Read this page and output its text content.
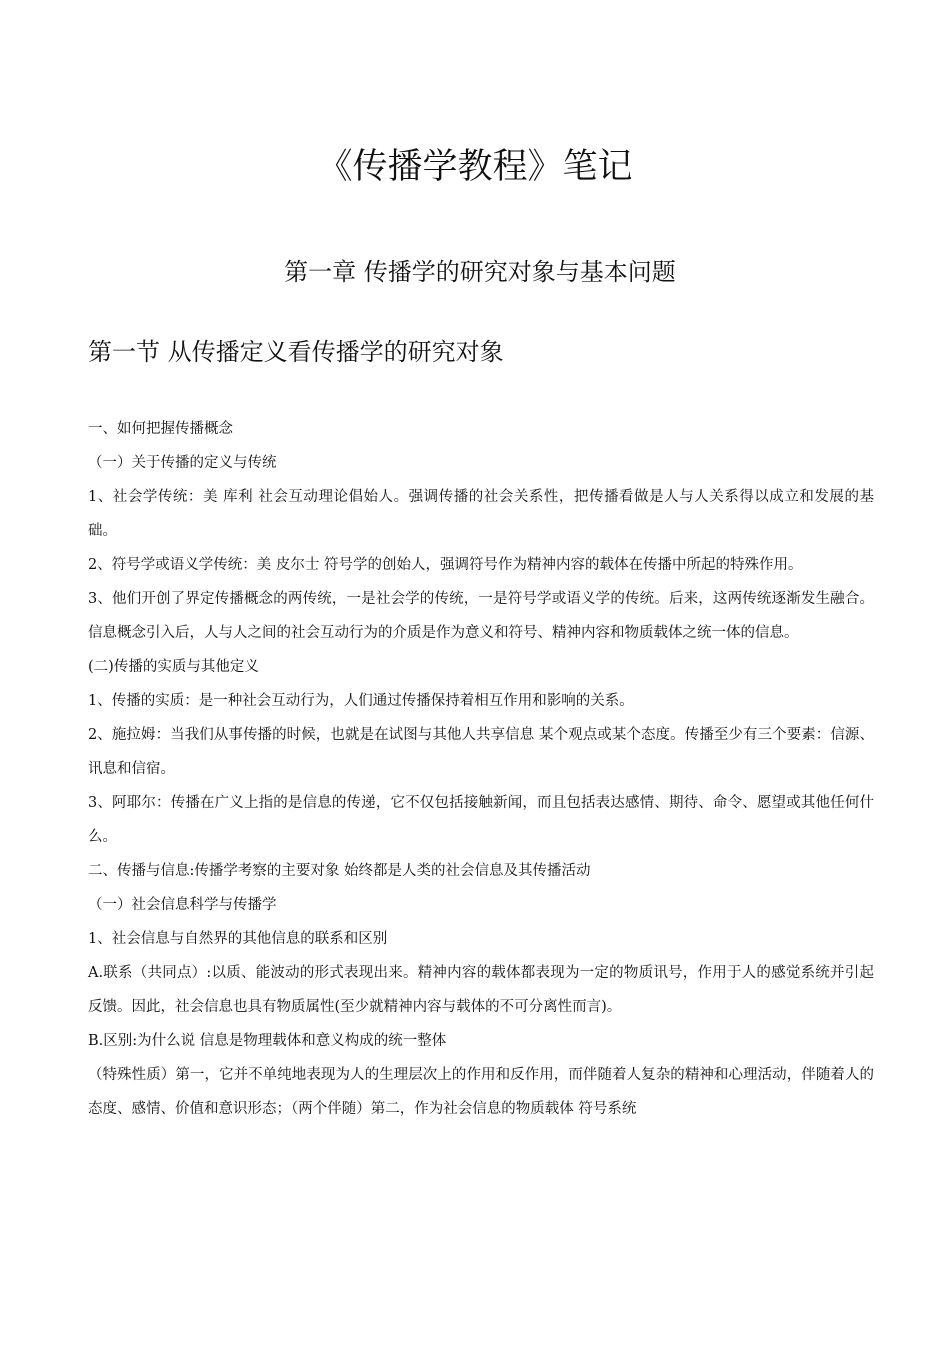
《传播学教程》笔记
第一章 传播学的研究对象与基本问题
第一节 从传播定义看传播学的研究对象

一、如何把握传播概念

（一）关于传播的定义与传统

1、社会学传统：美 库利 社会互动理论倡始人。强调传播的社会关系性，把传播看做是人与人关系得以成立和发展的基础。

2、符号学或语义学传统：美 皮尔士 符号学的创始人，强调符号作为精神内容的载体在传播中所起的特殊作用。

3、他们开创了界定传播概念的两传统，一是社会学的传统，一是符号学或语义学的传统。后来，这两传统逐渐发生融合。信息概念引入后，人与人之间的社会互动行为的介质是作为意义和符号、精神内容和物质载体之统一体的信息。

(二)传播的实质与其他定义

1、传播的实质：是一种社会互动行为，人们通过传播保持着相互作用和影响的关系。

2、施拉姆：当我们从事传播的时候，也就是在试图与其他人共享信息 某个观点或某个态度。传播至少有三个要素：信源、讯息和信宿。

3、阿耶尔：传播在广义上指的是信息的传递，它不仅包括接触新闻，而且包括表达感情、期待、命令、愿望或其他任何什么。

二、传播与信息:传播学考察的主要对象 始终都是人类的社会信息及其传播活动

（一）社会信息科学与传播学

1、社会信息与自然界的其他信息的联系和区别

A.联系（共同点）:以质、能波动的形式表现出来。精神内容的载体都表现为一定的物质讯号，作用于人的感觉系统并引起反馈。因此，社会信息也具有物质属性(至少就精神内容与载体的不可分离性而言)。

B.区别:为什么说 信息是物理载体和意义构成的统一整体

（特殊性质）第一，它并不单纯地表现为人的生理层次上的作用和反作用，而伴随着人复杂的精神和心理活动，伴随着人的态度、感情、价值和意识形态；（两个伴随）第二，作为社会信息的物质载体 符号系统
